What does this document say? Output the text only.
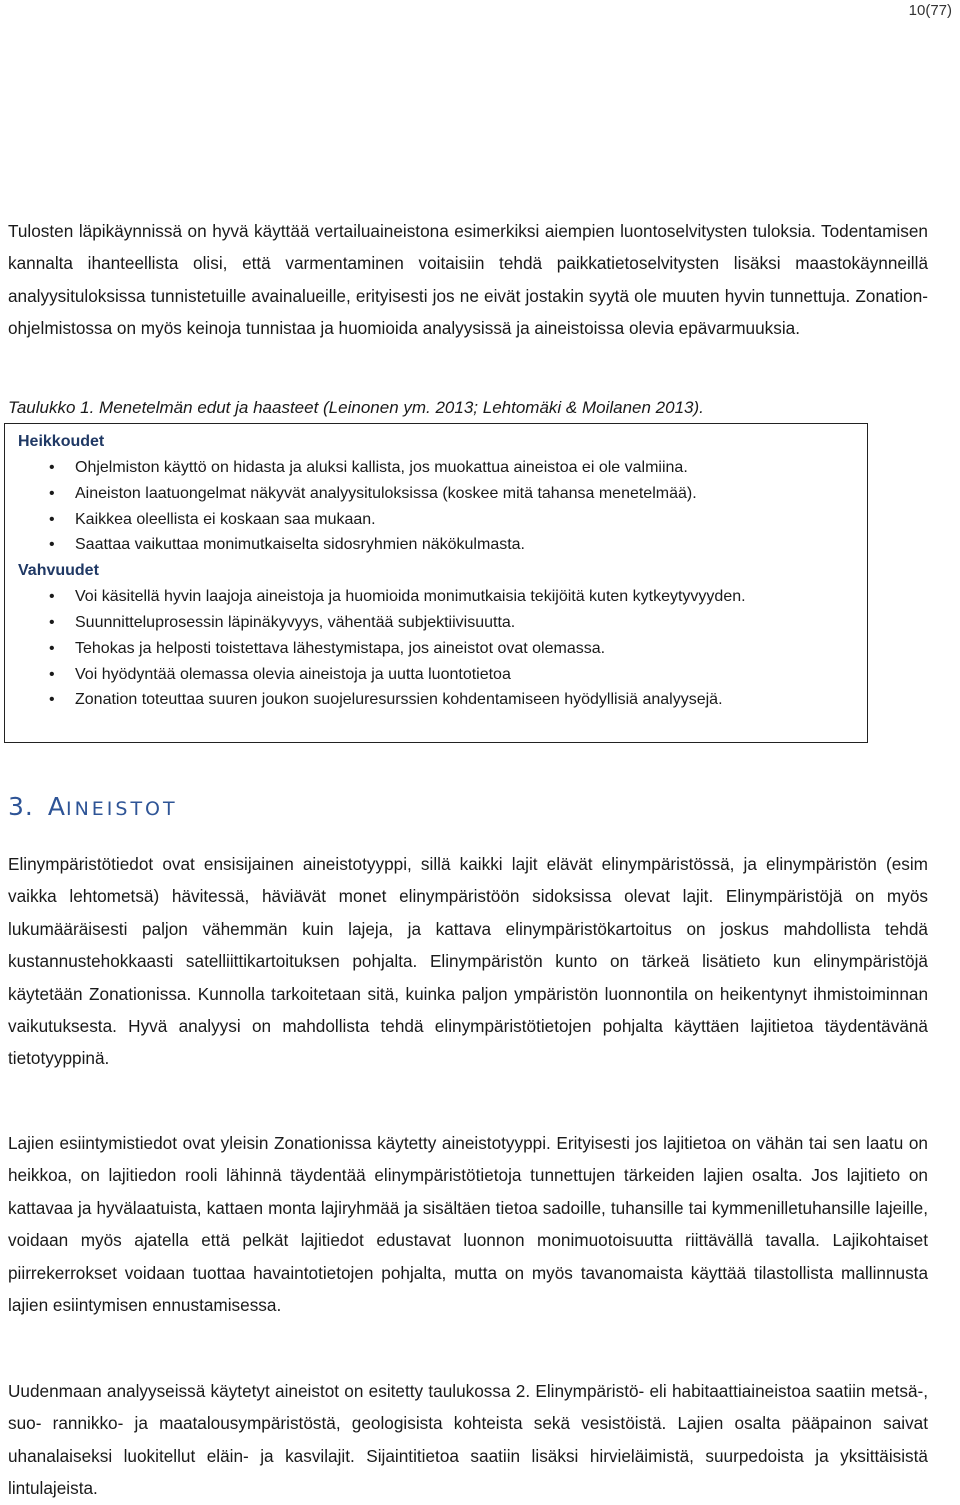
10(77)

Tulosten läpikäynnissä on hyvä käyttää vertailuaineistona esimerkiksi aiempien luontoselvitysten tuloksia. Todentamisen kannalta ihanteellista olisi, että varmentaminen voitaisiin tehdä paikkatietoselvitysten lisäksi maastokäynneillä analyysituloksissa tunnistetuille avainalueille, erityisesti jos ne eivät jostakin syytä ole muuten hyvin tunnettuja. Zonation-ohjelmistossa on myös keinoja tunnistaa ja huomioida analyysissä ja aineistoissa olevia epävarmuuksia.

Taulukko 1. Menetelmän edut ja haasteet (Leinonen ym. 2013; Lehtomäki & Moilanen 2013).
Heikkoudet
• Ohjelmiston käyttö on hidasta ja aluksi kallista, jos muokattua aineistoa ei ole valmiina.
• Aineiston laatuongelmat näkyvät analyysituloksissa (koskee mitä tahansa menetelmää).
• Kaikkea oleellista ei koskaan saa mukaan.
• Saattaa vaikuttaa monimutkaiselta sidosryhmien näkökulmasta.
Vahvuudet
• Voi käsitellä hyvin laajoja aineistoja ja huomioida monimutkaisia tekijöitä kuten kytkeytyvyyden.
• Suunnitteluprosessin läpinäkyvyys, vähentää subjektiivisuutta.
• Tehokas ja helposti toistettava lähestymistapa, jos aineistot ovat olemassa.
• Voi hyödyntää olemassa olevia aineistoja ja uutta luontotietoa
• Zonation toteuttaa suuren joukon suojeluresurssien kohdentamiseen hyödyllisiä analyysejä.
3. AINEISTOT

Elinympäristötiedot ovat ensisijainen aineistotyyppi, sillä kaikki lajit elävät elinympäristössä, ja elinympäristön (esim vaikka lehtometsä) hävitessä, häviävät monet elinympäristöön sidoksissa olevat lajit. Elinympäristöjä on myös lukumääräisesti paljon vähemmän kuin lajeja, ja kattava elinympäristökartoitus on joskus mahdollista tehdä kustannustehokkaasti satelliittikartoituksen pohjalta. Elinympäristön kunto on tärkeä lisätieto kun elinympäristöjä käytetään Zonationissa. Kunnolla tarkoitetaan sitä, kuinka paljon ympäristön luonnontila on heikentynyt ihmistoiminnan vaikutuksesta. Hyvä analyysi on mahdollista tehdä elinympäristötietojen pohjalta käyttäen lajitietoa täydentävänä tietotyyppinä.

Lajien esiintymistiedot ovat yleisin Zonationissa käytetty aineistotyyppi. Erityisesti jos lajitietoa on vähän tai sen laatu on heikkoa, on lajitiedon rooli lähinnä täydentää elinympäristötietoja tunnettujen tärkeiden lajien osalta. Jos lajitieto on kattavaa ja hyvälaatuista, kattaen monta lajiryhmää ja sisältäen tietoa sadoille, tuhansille tai kymmenilletuhansille lajeille, voidaan myös ajatella että pelkät lajitiedot edustavat luonnon monimuotoisuutta riittävällä tavalla. Lajikohtaiset piirrekerrokset voidaan tuottaa havaintotietojen pohjalta, mutta on myös tavanomaista käyttää tilastollista mallinnusta lajien esiintymisen ennustamisessa.

Uudenmaan analyyseissä käytetyt aineistot on esitetty taulukossa 2. Elinympäristö- eli habitaattiaineistoa saatiin metsä-, suo- rannikko- ja maatalousympäristöstä, geologisista kohteista sekä vesistöistä. Lajien osalta pääpainon saivat uhanalaiseksi luokitellut eläin- ja kasvilajit. Sijaintitietoa saatiin lisäksi hirvieläimistä, suurpedoista ja yksittäisistä lintulajeista.
